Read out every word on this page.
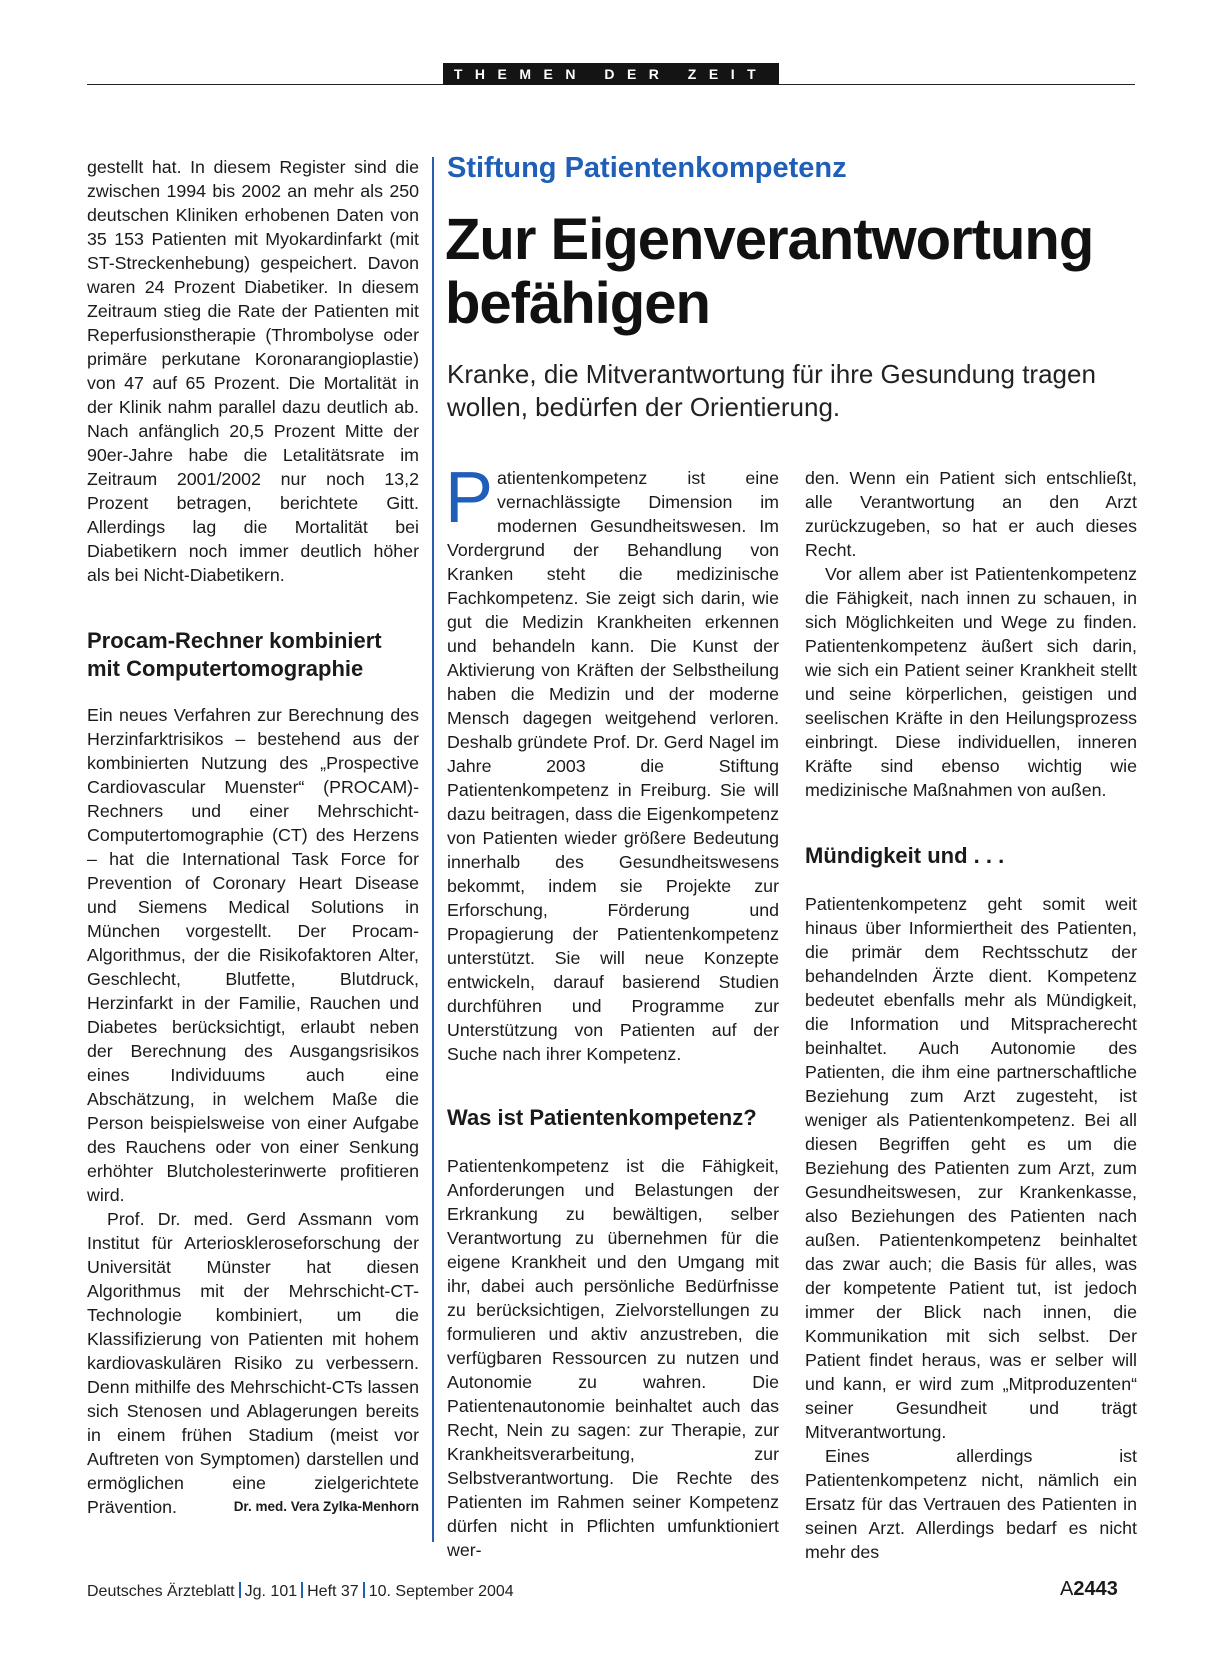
THEMEN DER ZEIT

gestellt hat. In diesem Register sind die zwischen 1994 bis 2002 an mehr als 250 deutschen Kliniken erhobenen Daten von 35 153 Patienten mit Myokardinfarkt (mit ST-Streckenhebung) gespeichert. Davon waren 24 Prozent Diabetiker. In diesem Zeitraum stieg die Rate der Patienten mit Reperfusionstherapie (Thrombolyse oder primäre perkutane Koronarangioplastie) von 47 auf 65 Prozent. Die Mortalität in der Klinik nahm parallel dazu deutlich ab. Nach anfänglich 20,5 Prozent Mitte der 90er-Jahre habe die Letalitätsrate im Zeitraum 2001/2002 nur noch 13,2 Prozent betragen, berichtete Gitt. Allerdings lag die Mortalität bei Diabetikern noch immer deutlich höher als bei Nicht-Diabetikern.

Procam-Rechner kombiniert mit Computertomographie

Ein neues Verfahren zur Berechnung des Herzinfarktrisikos – bestehend aus der kombinierten Nutzung des „Prospective Cardiovascular Muenster“ (PROCAM)-Rechners und einer Mehrschicht-Computertomographie (CT) des Herzens – hat die International Task Force for Prevention of Coronary Heart Disease und Siemens Medical Solutions in München vorgestellt. Der Procam-Algorithmus, der die Risikofaktoren Alter, Geschlecht, Blutfette, Blutdruck, Herzinfarkt in der Familie, Rauchen und Diabetes berücksichtigt, erlaubt neben der Berechnung des Ausgangsrisikos eines Individuums auch eine Abschätzung, in welchem Maße die Person beispielsweise von einer Aufgabe des Rauchens oder von einer Senkung erhöhter Blutcholesterinwerte profitieren wird.

Prof. Dr. med. Gerd Assmann vom Institut für Arterioskleroseforschung der Universität Münster hat diesen Algorithmus mit der Mehrschicht-CT-Technologie kombiniert, um die Klassifizierung von Patienten mit hohem kardiovaskulären Risiko zu verbessern. Denn mithilfe des Mehrschicht-CTs lassen sich Stenosen und Ablagerungen bereits in einem frühen Stadium (meist vor Auftreten von Symptomen) darstellen und ermöglichen eine zielgerichtete Prävention.	Dr. med. Vera Zylka-Menhorn

Stiftung Patientenkompetenz
Zur Eigenverantwortung befähigen
Kranke, die Mitverantwortung für ihre Gesundung tragen wollen, bedürfen der Orientierung.

Patientenkompetenz ist eine vernachlässigte Dimension im modernen Gesundheitswesen. Im Vordergrund der Behandlung von Kranken steht die medizinische Fachkompetenz. Sie zeigt sich darin, wie gut die Medizin Krankheiten erkennen und behandeln kann. Die Kunst der Aktivierung von Kräften der Selbstheilung haben die Medizin und der moderne Mensch dagegen weitgehend verloren. Deshalb gründete Prof. Dr. Gerd Nagel im Jahre 2003 die Stiftung Patientenkompetenz in Freiburg. Sie will dazu beitragen, dass die Eigenkompetenz von Patienten wieder größere Bedeutung innerhalb des Gesundheitswesens bekommt, indem sie Projekte zur Erforschung, Förderung und Propagierung der Patientenkompetenz unterstützt. Sie will neue Konzepte entwickeln, darauf basierend Studien durchführen und Programme zur Unterstützung von Patienten auf der Suche nach ihrer Kompetenz.

Was ist Patientenkompetenz?

Patientenkompetenz ist die Fähigkeit, Anforderungen und Belastungen der Erkrankung zu bewältigen, selber Verantwortung zu übernehmen für die eigene Krankheit und den Umgang mit ihr, dabei auch persönliche Bedürfnisse zu berücksichtigen, Zielvorstellungen zu formulieren und aktiv anzustreben, die verfügbaren Ressourcen zu nutzen und Autonomie zu wahren. Die Patientenautonomie beinhaltet auch das Recht, Nein zu sagen: zur Therapie, zur Krankheitsverarbeitung, zur Selbstverantwortung. Die Rechte des Patienten im Rahmen seiner Kompetenz dürfen nicht in Pflichten umfunktioniert wer-

den. Wenn ein Patient sich entschließt, alle Verantwortung an den Arzt zurückzugeben, so hat er auch dieses Recht.

Vor allem aber ist Patientenkompetenz die Fähigkeit, nach innen zu schauen, in sich Möglichkeiten und Wege zu finden. Patientenkompetenz äußert sich darin, wie sich ein Patient seiner Krankheit stellt und seine körperlichen, geistigen und seelischen Kräfte in den Heilungsprozess einbringt. Diese individuellen, inneren Kräfte sind ebenso wichtig wie medizinische Maßnahmen von außen.

Mündigkeit und . . .

Patientenkompetenz geht somit weit hinaus über Informiertheit des Patienten, die primär dem Rechtsschutz der behandelnden Ärzte dient. Kompetenz bedeutet ebenfalls mehr als Mündigkeit, die Information und Mitspracherecht beinhaltet. Auch Autonomie des Patienten, die ihm eine partnerschaftliche Beziehung zum Arzt zugesteht, ist weniger als Patientenkompetenz. Bei all diesen Begriffen geht es um die Beziehung des Patienten zum Arzt, zum Gesundheitswesen, zur Krankenkasse, also Beziehungen des Patienten nach außen. Patientenkompetenz beinhaltet das zwar auch; die Basis für alles, was der kompetente Patient tut, ist jedoch immer der Blick nach innen, die Kommunikation mit sich selbst. Der Patient findet heraus, was er selber will und kann, er wird zum „Mitproduzenten“ seiner Gesundheit und trägt Mitverantwortung.

Eines allerdings ist Patientenkompetenz nicht, nämlich ein Ersatz für das Vertrauen des Patienten in seinen Arzt. Allerdings bedarf es nicht mehr des

Deutsches Ärzteblatt Jg. 101 Heft 37 10. September 2004	A2443
